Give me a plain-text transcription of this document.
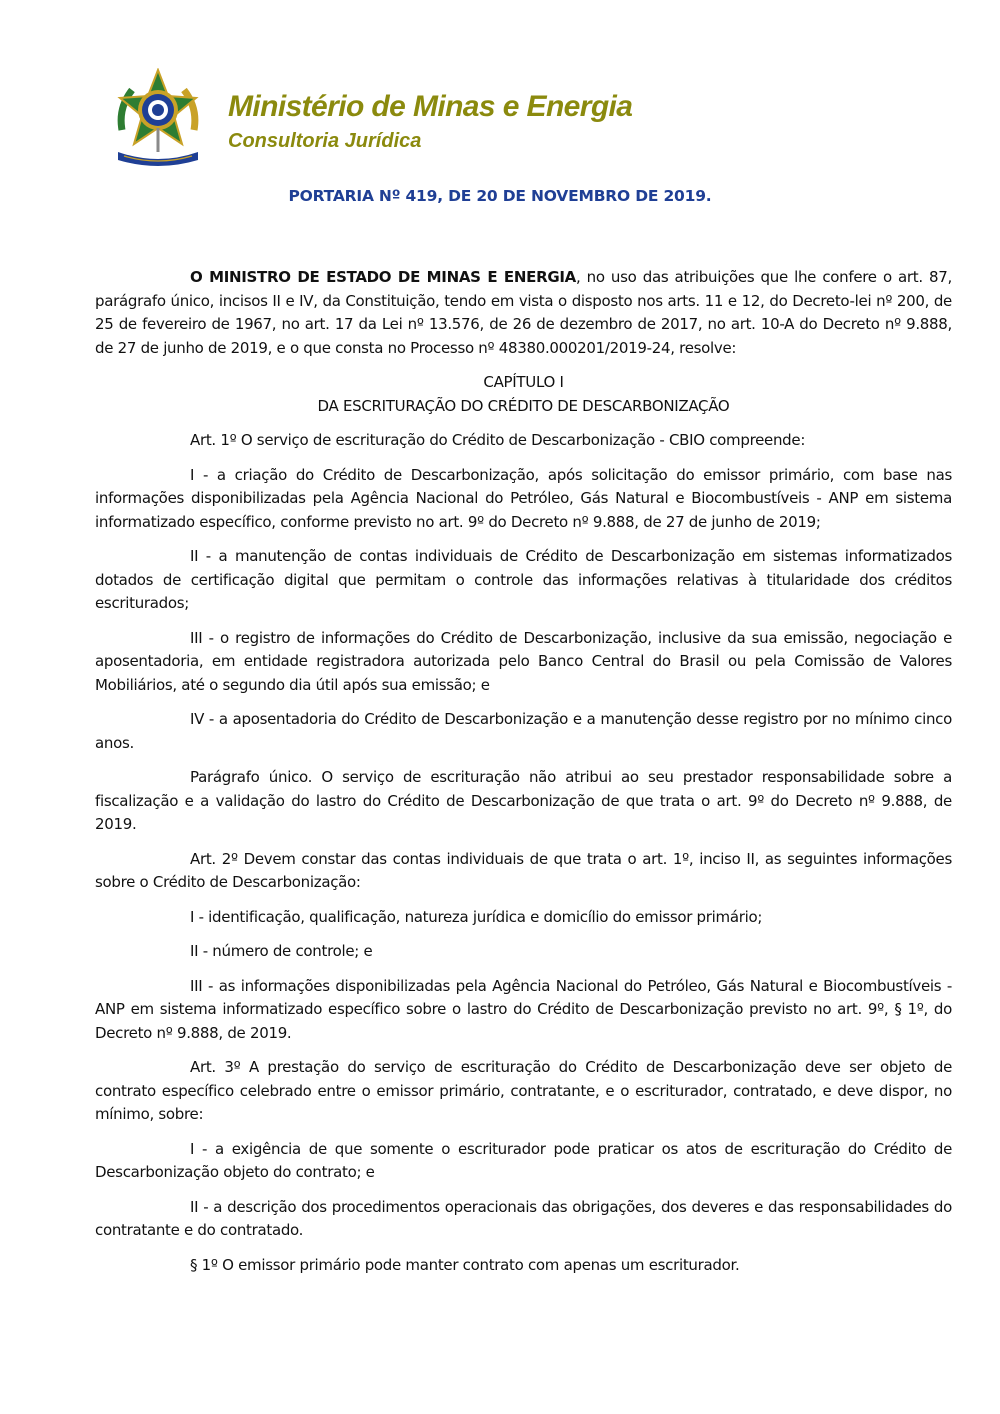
Ministério de Minas e Energia
Consultoria Jurídica
PORTARIA Nº 419, DE 20 DE NOVEMBRO DE 2019.

O MINISTRO DE ESTADO DE MINAS E ENERGIA, no uso das atribuições que lhe confere o art. 87, parágrafo único, incisos II e IV, da Constituição, tendo em vista o disposto nos arts. 11 e 12, do Decreto-lei nº 200, de 25 de fevereiro de 1967, no art. 17 da Lei nº 13.576, de 26 de dezembro de 2017, no art. 10-A do Decreto nº 9.888, de 27 de junho de 2019, e o que consta no Processo nº 48380.000201/2019-24, resolve:

CAPÍTULO I

DA ESCRITURAÇÃO DO CRÉDITO DE DESCARBONIZAÇÃO

Art. 1º O serviço de escrituração do Crédito de Descarbonização - CBIO compreende:

I - a criação do Crédito de Descarbonização, após solicitação do emissor primário, com base nas informações disponibilizadas pela Agência Nacional do Petróleo, Gás Natural e Biocombustíveis - ANP em sistema informatizado específico, conforme previsto no art. 9º do Decreto nº 9.888, de 27 de junho de 2019;

II - a manutenção de contas individuais de Crédito de Descarbonização em sistemas informatizados dotados de certificação digital que permitam o controle das informações relativas à titularidade dos créditos escriturados;

III - o registro de informações do Crédito de Descarbonização, inclusive da sua emissão, negociação e aposentadoria, em entidade registradora autorizada pelo Banco Central do Brasil ou pela Comissão de Valores Mobiliários, até o segundo dia útil após sua emissão; e

IV - a aposentadoria do Crédito de Descarbonização e a manutenção desse registro por no mínimo cinco anos.

Parágrafo único. O serviço de escrituração não atribui ao seu prestador responsabilidade sobre a fiscalização e a validação do lastro do Crédito de Descarbonização de que trata o art. 9º do Decreto nº 9.888, de 2019.

Art. 2º Devem constar das contas individuais de que trata o art. 1º, inciso II, as seguintes informações sobre o Crédito de Descarbonização:

I - identificação, qualificação, natureza jurídica e domicílio do emissor primário;

II - número de controle; e

III - as informações disponibilizadas pela Agência Nacional do Petróleo, Gás Natural e Biocombustíveis - ANP em sistema informatizado específico sobre o lastro do Crédito de Descarbonização previsto no art. 9º, § 1º, do Decreto nº 9.888, de 2019.

Art. 3º A prestação do serviço de escrituração do Crédito de Descarbonização deve ser objeto de contrato específico celebrado entre o emissor primário, contratante, e o escriturador, contratado, e deve dispor, no mínimo, sobre:

I - a exigência de que somente o escriturador pode praticar os atos de escrituração do Crédito de Descarbonização objeto do contrato; e

II - a descrição dos procedimentos operacionais das obrigações, dos deveres e das responsabilidades do contratante e do contratado.

§ 1º O emissor primário pode manter contrato com apenas um escriturador.
